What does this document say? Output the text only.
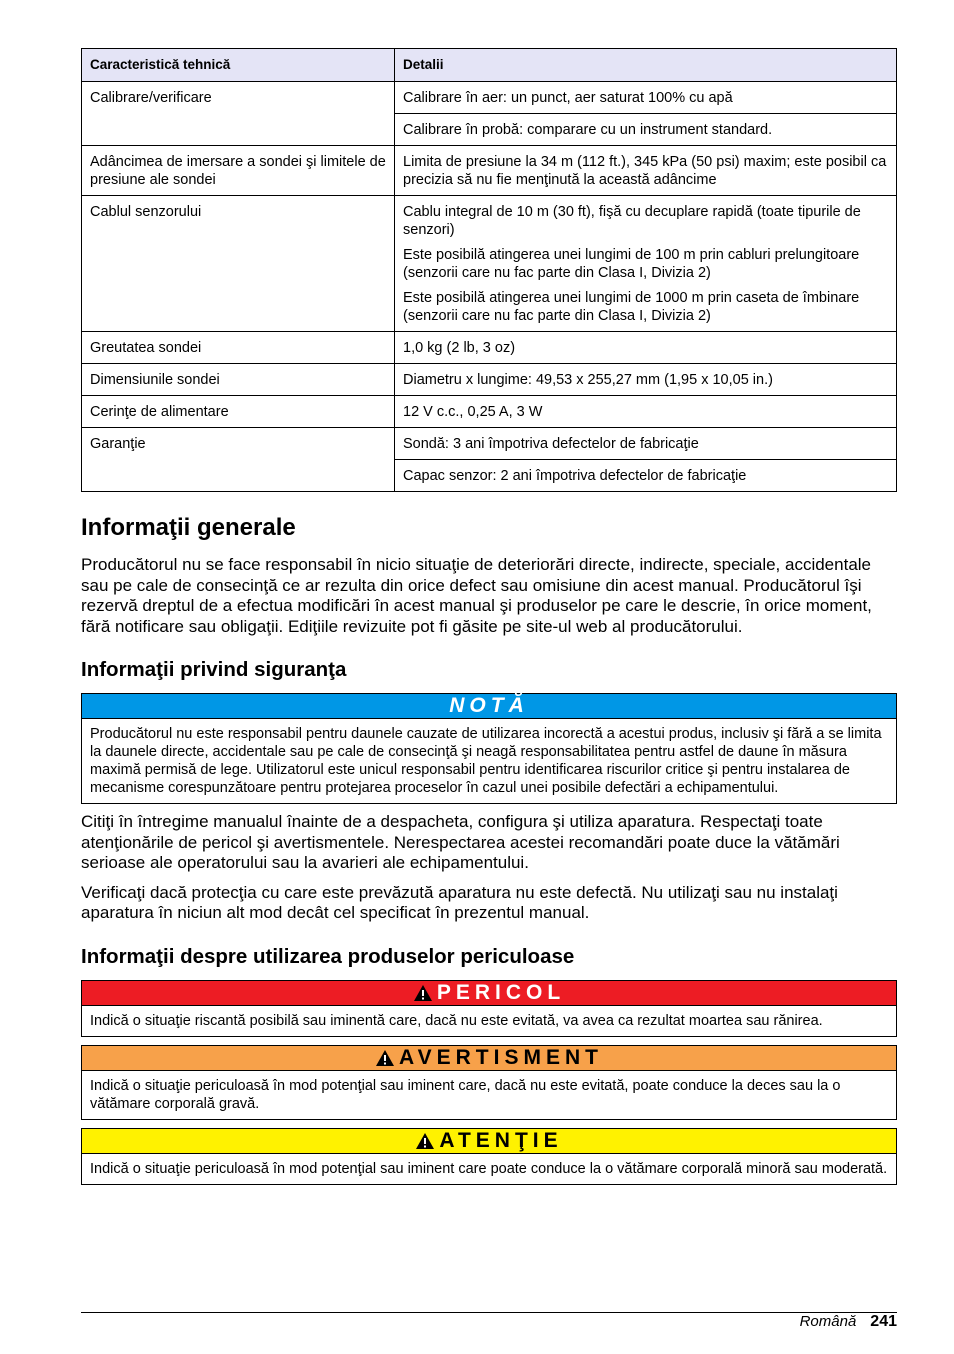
Caracteristică tehnică	Detalii
Calibrare/verificare	Calibrare în aer: un punct, aer saturat 100% cu apă
	Calibrare în probă: comparare cu un instrument standard.
Adâncimea de imersare a sondei şi limitele de presiune ale sondei	Limita de presiune la 34 m (112 ft.), 345 kPa (50 psi) maxim; este posibil ca precizia să nu fie menţinută la această adâncime
Cablul senzorului	Cablu integral de 10 m (30 ft), fişă cu decuplare rapidă (toate tipurile de senzori)

Este posibilă atingerea unei lungimi de 100 m prin cabluri prelungitoare (senzorii care nu fac parte din Clasa I, Divizia 2)

Este posibilă atingerea unei lungimi de 1000 m prin caseta de îmbinare (senzorii care nu fac parte din Clasa I, Divizia 2)

Greutatea sondei	1,0 kg (2 lb, 3 oz)
Dimensiunile sondei	Diametru x lungime: 49,53 x 255,27 mm (1,95 x 10,05 in.)
Cerinţe de alimentare	12 V c.c., 0,25 A, 3 W
Garanţie	Sondă: 3 ani împotriva defectelor de fabricaţie
	Capac senzor: 2 ani împotriva defectelor de fabricaţie
Informaţii generale

Producătorul nu se face responsabil în nicio situaţie de deteriorări directe, indirecte, speciale, accidentale sau pe cale de consecinţă ce ar rezulta din orice defect sau omisiune din acest manual. Producătorul îşi rezervă dreptul de a efectua modificări în acest manual şi produselor pe care le descrie, în orice moment, fără notificare sau obligaţii. Ediţiile revizuite pot fi găsite pe site-ul web al producătorului.

Informaţii privind siguranţa
NOTĂ
Producătorul nu este responsabil pentru daunele cauzate de utilizarea incorectă a acestui produs, inclusiv şi fără a se limita la daunele directe, accidentale sau pe cale de consecinţă şi neagă responsabilitatea pentru astfel de daune în măsura maximă permisă de lege. Utilizatorul este unicul responsabil pentru identificarea riscurilor critice şi pentru instalarea de mecanisme corespunzătoare pentru protejarea proceselor în cazul unei posibile defectări a echipamentului.

Citiţi în întregime manualul înainte de a despacheta, configura şi utiliza aparatura. Respectaţi toate atenţionările de pericol şi avertismentele. Nerespectarea acestei recomandări poate duce la vătămări serioase ale operatorului sau la avarieri ale echipamentului.

Verificaţi dacă protecţia cu care este prevăzută aparatura nu este defectă. Nu utilizaţi sau nu instalaţi aparatura în niciun alt mod decât cel specificat în prezentul manual.

Informaţii despre utilizarea produselor periculoase
PERICOL
Indică o situaţie riscantă posibilă sau iminentă care, dacă nu este evitată, va avea ca rezultat moartea sau rănirea.
AVERTISMENT
Indică o situaţie periculoasă în mod potenţial sau iminent care, dacă nu este evitată, poate conduce la deces sau la o vătămare corporală gravă.
ATENŢIE
Indică o situaţie periculoasă în mod potenţial sau iminent care poate conduce la o vătămare corporală minoră sau moderată.
Română 241
